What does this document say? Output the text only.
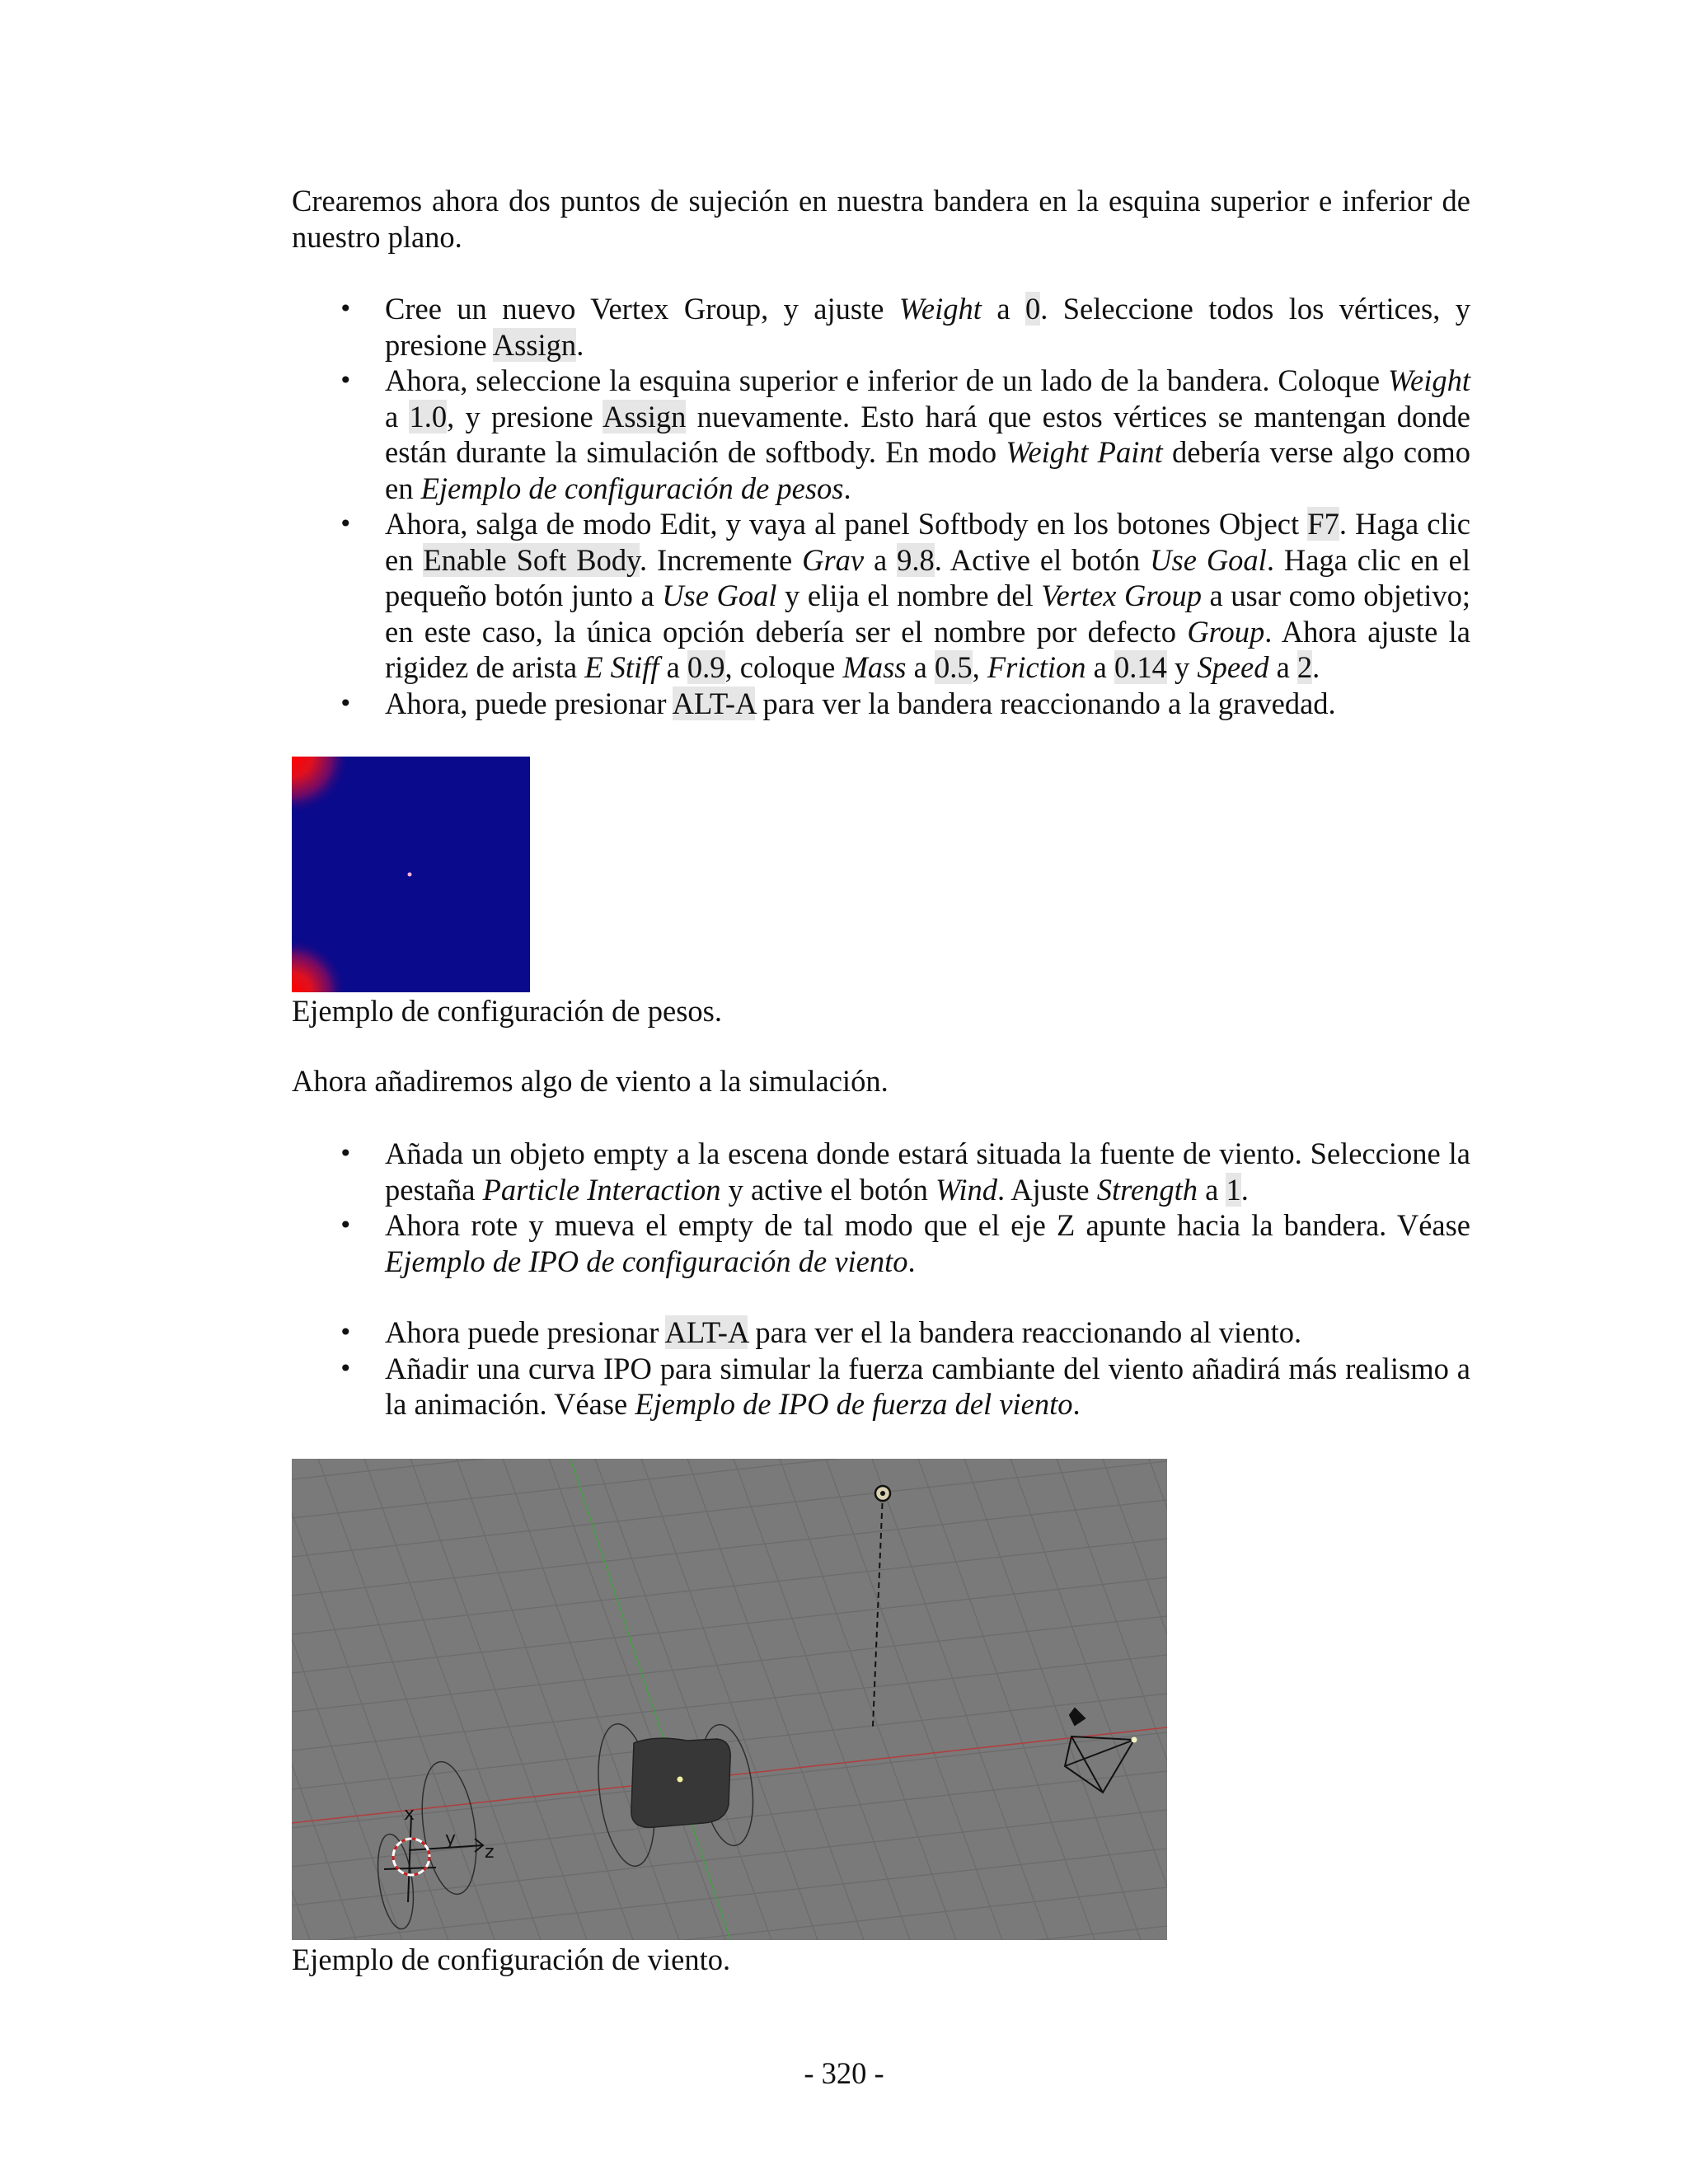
Crearemos ahora dos puntos de sujeción en nuestra bandera en la esquina superior e inferior de nuestro plano.

• Cree un nuevo Vertex Group, y ajuste Weight a 0. Seleccione todos los vértices, y presione Assign.
• Ahora, seleccione la esquina superior e inferior de un lado de la bandera. Coloque Weight a 1.0, y presione Assign nuevamente. Esto hará que estos vértices se mantengan donde están durante la simulación de softbody. En modo Weight Paint debería verse algo como en Ejemplo de configuración de pesos.
• Ahora, salga de modo Edit, y vaya al panel Softbody en los botones Object F7. Haga clic en Enable Soft Body. Incremente Grav a 9.8. Active el botón Use Goal. Haga clic en el pequeño botón junto a Use Goal y elija el nombre del Vertex Group a usar como objetivo; en este caso, la única opción debería ser el nombre por defecto Group. Ahora ajuste la rigidez de arista E Stiff a 0.9, coloque Mass a 0.5, Friction a 0.14 y Speed a 2.
• Ahora, puede presionar ALT-A para ver la bandera reaccionando a la gravedad.
Ejemplo de configuración de pesos.

Ahora añadiremos algo de viento a la simulación.

• Añada un objeto empty a la escena donde estará situada la fuente de viento. Seleccione la pestaña Particle Interaction y active el botón Wind. Ajuste Strength a 1.
• Ahora rote y mueva el empty de tal modo que el eje Z apunte hacia la bandera. Véase Ejemplo de IPO de configuración de viento.
• Ahora puede presionar ALT-A para ver el la bandera reaccionando al viento.
• Añadir una curva IPO para simular la fuerza cambiante del viento añadirá más realismo a la animación. Véase Ejemplo de IPO de fuerza del viento.
x
y
z
Ejemplo de configuración de viento.
- 320 -
